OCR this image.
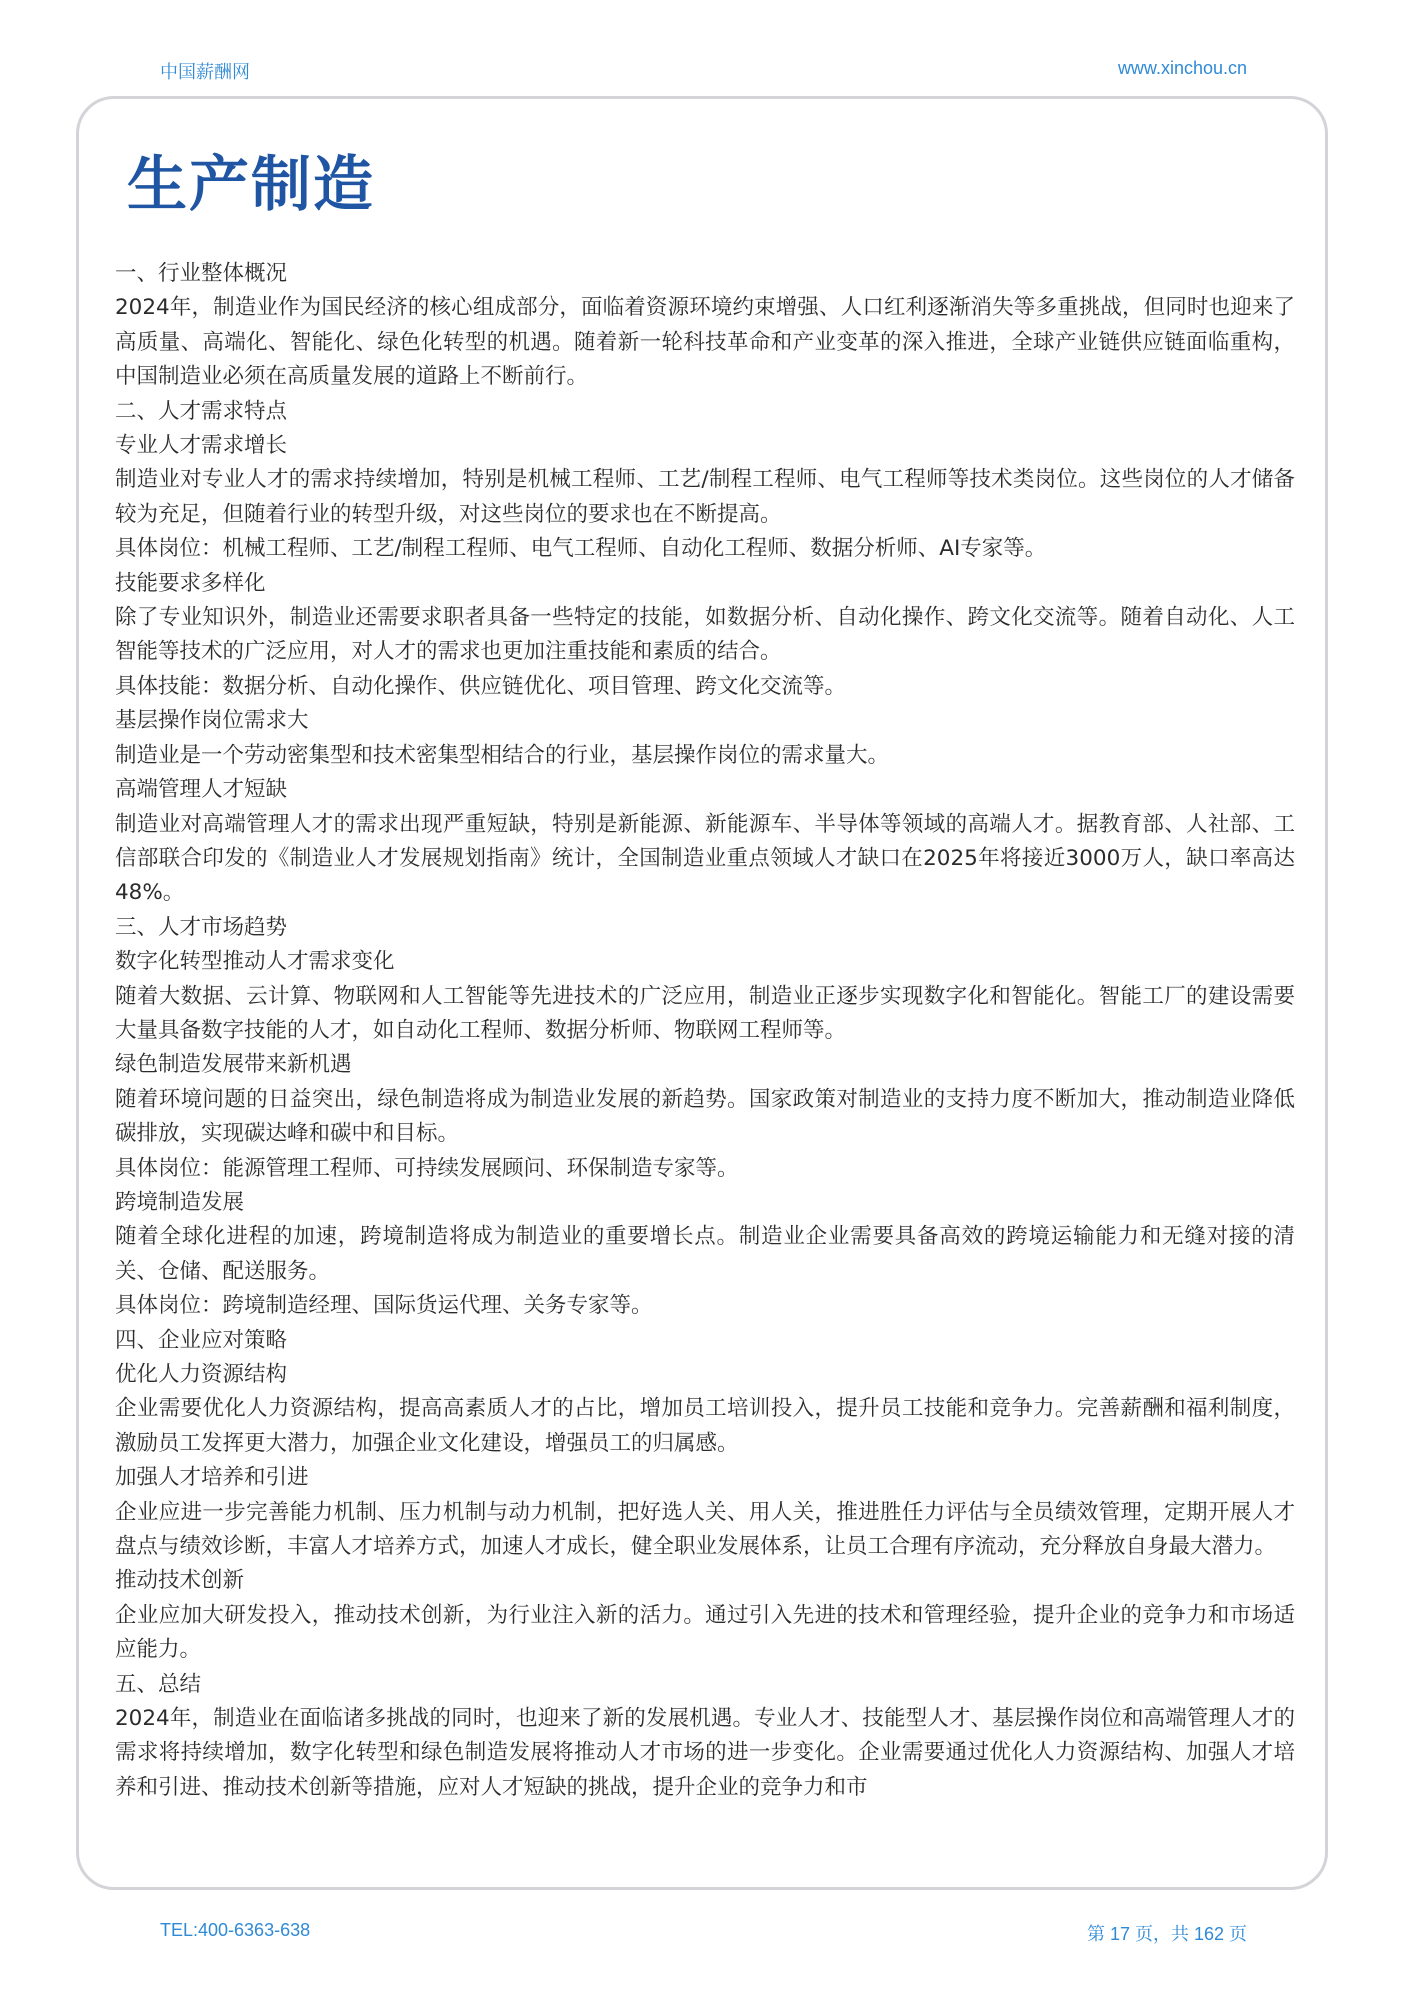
中国薪酬网	www.xinchou.cn
生产制造

一、行业整体概况

2024年，制造业作为国民经济的核心组成部分，面临着资源环境约束增强、人口红利逐渐消失等多重挑战，但同时也迎来了高质量、高端化、智能化、绿色化转型的机遇。随着新一轮科技革命和产业变革的深入推进，全球产业链供应链面临重构，中国制造业必须在高质量发展的道路上不断前行。

二、人才需求特点

专业人才需求增长

制造业对专业人才的需求持续增加，特别是机械工程师、工艺/制程工程师、电气工程师等技术类岗位。这些岗位的人才储备较为充足，但随着行业的转型升级，对这些岗位的要求也在不断提高。

具体岗位：机械工程师、工艺/制程工程师、电气工程师、自动化工程师、数据分析师、AI专家等。

技能要求多样化

除了专业知识外，制造业还需要求职者具备一些特定的技能，如数据分析、自动化操作、跨文化交流等。随着自动化、人工智能等技术的广泛应用，对人才的需求也更加注重技能和素质的结合。

具体技能：数据分析、自动化操作、供应链优化、项目管理、跨文化交流等。

基层操作岗位需求大

制造业是一个劳动密集型和技术密集型相结合的行业，基层操作岗位的需求量大。

高端管理人才短缺

制造业对高端管理人才的需求出现严重短缺，特别是新能源、新能源车、半导体等领域的高端人才。据教育部、人社部、工信部联合印发的《制造业人才发展规划指南》统计，全国制造业重点领域人才缺口在2025年将接近3000万人，缺口率高达48%。

三、人才市场趋势

数字化转型推动人才需求变化

随着大数据、云计算、物联网和人工智能等先进技术的广泛应用，制造业正逐步实现数字化和智能化。智能工厂的建设需要大量具备数字技能的人才，如自动化工程师、数据分析师、物联网工程师等。

绿色制造发展带来新机遇

随着环境问题的日益突出，绿色制造将成为制造业发展的新趋势。国家政策对制造业的支持力度不断加大，推动制造业降低碳排放，实现碳达峰和碳中和目标。

具体岗位：能源管理工程师、可持续发展顾问、环保制造专家等。

跨境制造发展

随着全球化进程的加速，跨境制造将成为制造业的重要增长点。制造业企业需要具备高效的跨境运输能力和无缝对接的清关、仓储、配送服务。

具体岗位：跨境制造经理、国际货运代理、关务专家等。

四、企业应对策略

优化人力资源结构

企业需要优化人力资源结构，提高高素质人才的占比，增加员工培训投入，提升员工技能和竞争力。完善薪酬和福利制度，激励员工发挥更大潜力，加强企业文化建设，增强员工的归属感。

加强人才培养和引进

企业应进一步完善能力机制、压力机制与动力机制，把好选人关、用人关，推进胜任力评估与全员绩效管理，定期开展人才盘点与绩效诊断，丰富人才培养方式，加速人才成长，健全职业发展体系，让员工合理有序流动，充分释放自身最大潜力。

推动技术创新

企业应加大研发投入，推动技术创新，为行业注入新的活力。通过引入先进的技术和管理经验，提升企业的竞争力和市场适应能力。

五、总结

2024年，制造业在面临诸多挑战的同时，也迎来了新的发展机遇。专业人才、技能型人才、基层操作岗位和高端管理人才的需求将持续增加，数字化转型和绿色制造发展将推动人才市场的进一步变化。企业需要通过优化人力资源结构、加强人才培养和引进、推动技术创新等措施，应对人才短缺的挑战，提升企业的竞争力和市

TEL:400-6363-638	第 17 页，共 162 页
